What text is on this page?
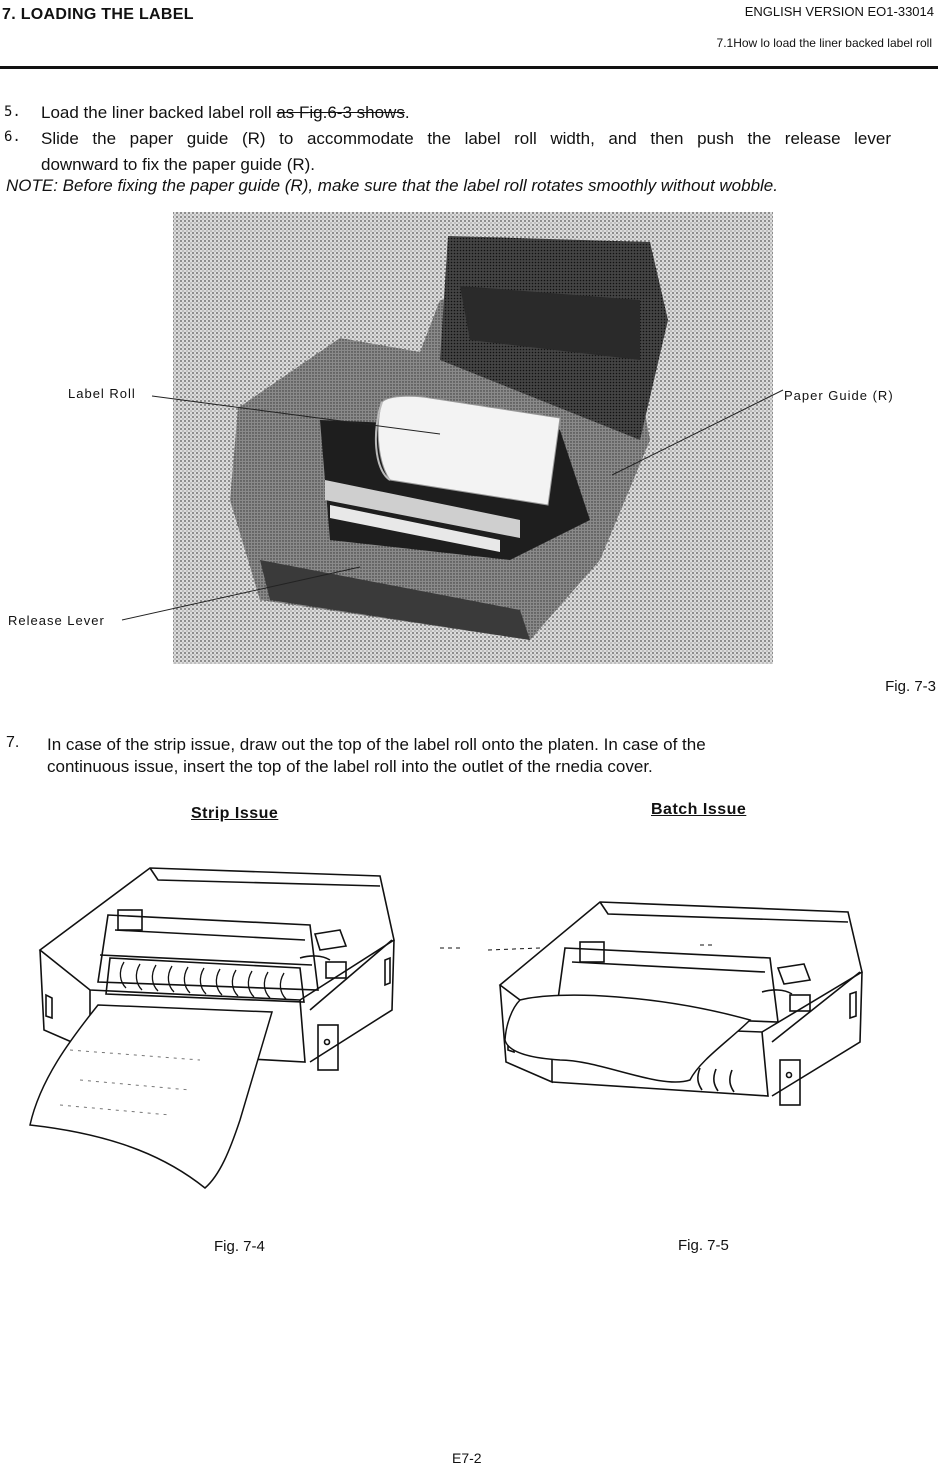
7. LOADING THE LABEL	ENGLISH VERSION EO1-33014
7.1How lo load the liner backed label roll
5. Load the liner backed label roll as Fig.6-3 shows.
6. Slide the paper guide (R) to accommodate the label roll width, and then push the release lever
downward to fix the paper guide (R).
NOTE: Before fixing the paper guide (R), make sure that the label roll rotates smoothly without wobble.
Label Roll	Paper Guide (R)
Release Lever
Fig. 7-3
7. In case of the strip issue, draw out the top of the label roll onto the platen. In case of the
continuous issue, insert the top of the label roll into the outlet of the rnedia cover.
Strip Issue	Batch Issue
Fig. 7-4	Fig. 7-5
E7-2
